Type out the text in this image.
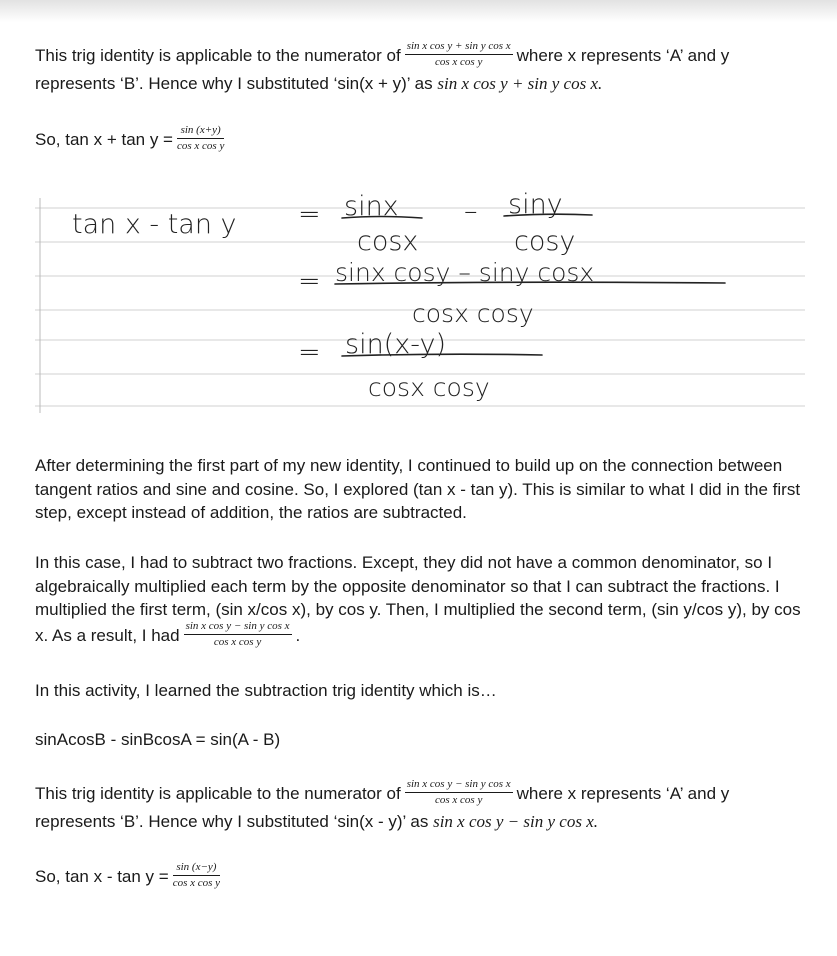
This trig identity is applicable to the numerator of $\frac{\text{sin x cos y + sin y cos x}}{\text{cos x cos y}}$ where x represents ‘A’ and y
represents ‘B’. Hence why I substituted ‘sin(x + y)’ as sin x cos y + sin y cos x.
So, $\tan x + \tan y = \frac{\sin (x+y)}{\text{cos x cos y}}$
tan x - tan y = sinx – siny
cosx	cosy
= sinx cosy – siny cosx
cosx cosy
= sin(x-y)
cosx cosy
After determining the first part of my new identity, I continued to build up on the connection between tangent ratios and sine and cosine. So, I explored (tan x - tan y). This is similar to what I did in the first step, except instead of addition, the ratios are subtracted.
In this case, I had to subtract two fractions. Except, they did not have a common denominator, so I algebraically multiplied each term by the opposite denominator so that I can subtract the fractions. I multiplied the first term, (sin x/cos x), by cos y. Then, I multiplied the second term, (sin y/cos y), by cos x. As a result, I had $\frac{\text{sin x cos y − sin y cos x}}{\text{cos x cos y}}$ .
In this activity, I learned the subtraction trig identity which is…
sinAcosB - sinBcosA = sin(A - B)
This trig identity is applicable to the numerator of $\frac{\text{sin x cos y − sin y cos x}}{\text{cos x cos y}}$ where x represents ‘A’ and y
represents ‘B’. Hence why I substituted ‘sin(x - y)’ as sin x cos y − sin y cos x.
So, $\tan x - \tan y = \frac{\sin (x-y)}{\text{cos x cos y}}$
